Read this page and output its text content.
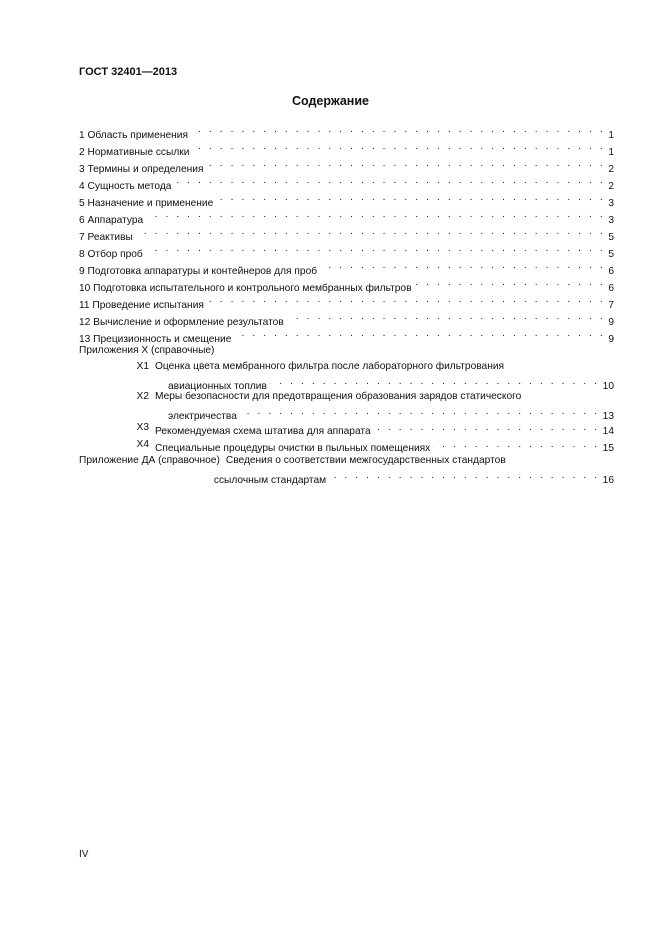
ГОСТ 32401—2013
Содержание
1 Область применения . . .	1
2 Нормативные ссылки . . .	1
3 Термины и определения . . .	2
4 Сущность метода . . .	2
5 Назначение и применение . . .	3
6 Аппаратура . . .	3
7 Реактивы . . .	5
8 Отбор проб . . .	5
9 Подготовка аппаратуры и контейнеров для проб . . .	6
10 Подготовка испытательного и контрольного мембранных фильтров . . .	6
11 Проведение испытания . . .	7
12 Вычисление и оформление результатов . . .	9
13 Прецизионность и смещение . . .	9
Приложения Х (справочные)
Х1 Оценка цвета мембранного фильтра после лабораторного фильтрования
авиационных топлив . . .	10
Х2 Меры безопасности для предотвращения образования зарядов статического
электричества . . .	13
Х3 Рекомендуемая схема штатива для аппарата . . .	14
Х4 Специальные процедуры очистки в пыльных помещениях . . .	15
Приложение ДА (справочное) Сведения о соответствии межгосударственных стандартов
ссылочным стандартам . . .	16
IV
